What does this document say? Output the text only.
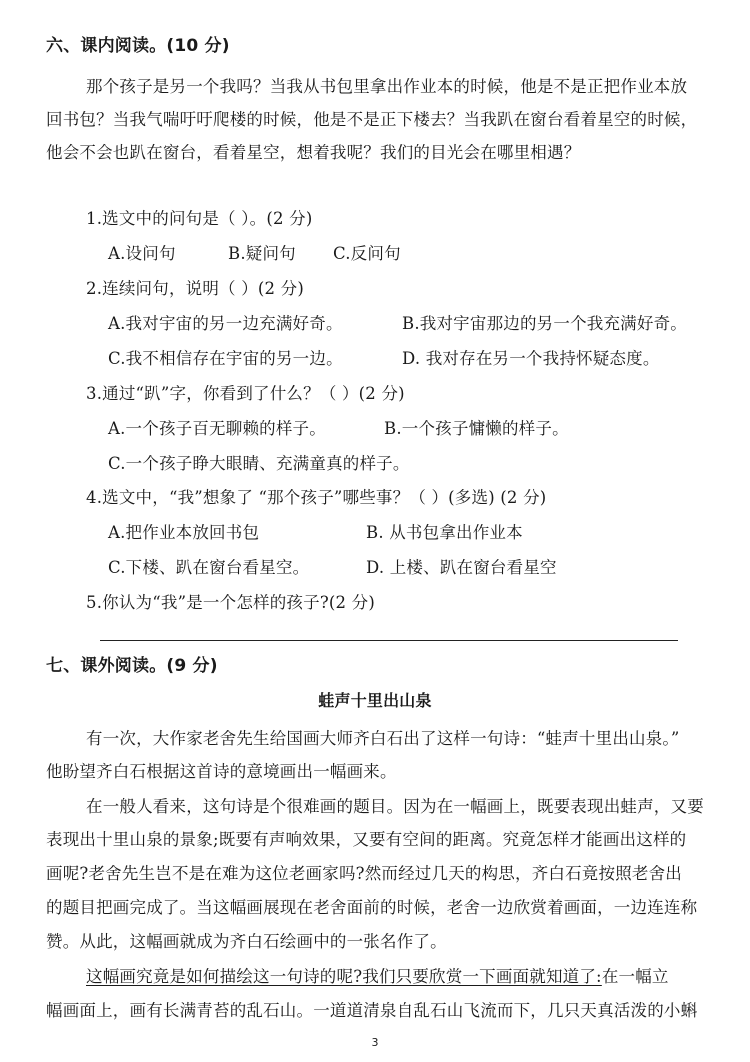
六、课内阅读。(10 分)
那个孩子是另一个我吗？当我从书包里拿出作业本的时候，他是不是正把作业本放
回书包？当我气喘吁吁爬楼的时候，他是不是正下楼去？当我趴在窗台看着星空的时候，
他会不会也趴在窗台，看着星空，想着我呢？我们的目光会在哪里相遇？
1.选文中的问句是（ ）。(2 分)
A.设问句	B.疑问句 C.反问句
2.连续问句，说明（ ）(2 分)
A.我对宇宙的另一边充满好奇。	B.我对宇宙那边的另一个我充满好奇。
C.我不相信存在宇宙的另一边。	D. 我对存在另一个我持怀疑态度。
3.通过“趴”字，你看到了什么？（ ）(2 分)
A.一个孩子百无聊赖的样子。	B.一个孩子慵懒的样子。
C.一个孩子睁大眼睛、充满童真的样子。
4.选文中，“我”想象了 “那个孩子”哪些事？（ ）(多选) (2 分)
A.把作业本放回书包	B. 从书包拿出作业本
C.下楼、趴在窗台看星空。	D. 上楼、趴在窗台看星空
5.你认为“我”是一个怎样的孩子?(2 分)
七、课外阅读。(9 分)
蛙声十里出山泉
有一次，大作家老舍先生给国画大师齐白石出了这样一句诗：“蛙声十里出山泉。”
他盼望齐白石根据这首诗的意境画出一幅画来。
在一般人看来，这句诗是个很难画的题目。因为在一幅画上，既要表现出蛙声，又要
表现出十里山泉的景象;既要有声响效果，又要有空间的距离。究竟怎样才能画出这样的
画呢?老舍先生岂不是在难为这位老画家吗?然而经过几天的构思，齐白石竟按照老舍出
的题目把画完成了。当这幅画展现在老舍面前的时候，老舍一边欣赏着画面，一边连连称
赞。从此，这幅画就成为齐白石绘画中的一张名作了。
这幅画究竟是如何描绘这一句诗的呢?我们只要欣赏一下画面就知道了:在一幅立
幅画面上，画有长满青苔的乱石山。一道道清泉自乱石山飞流而下，几只天真活泼的小蝌
3
